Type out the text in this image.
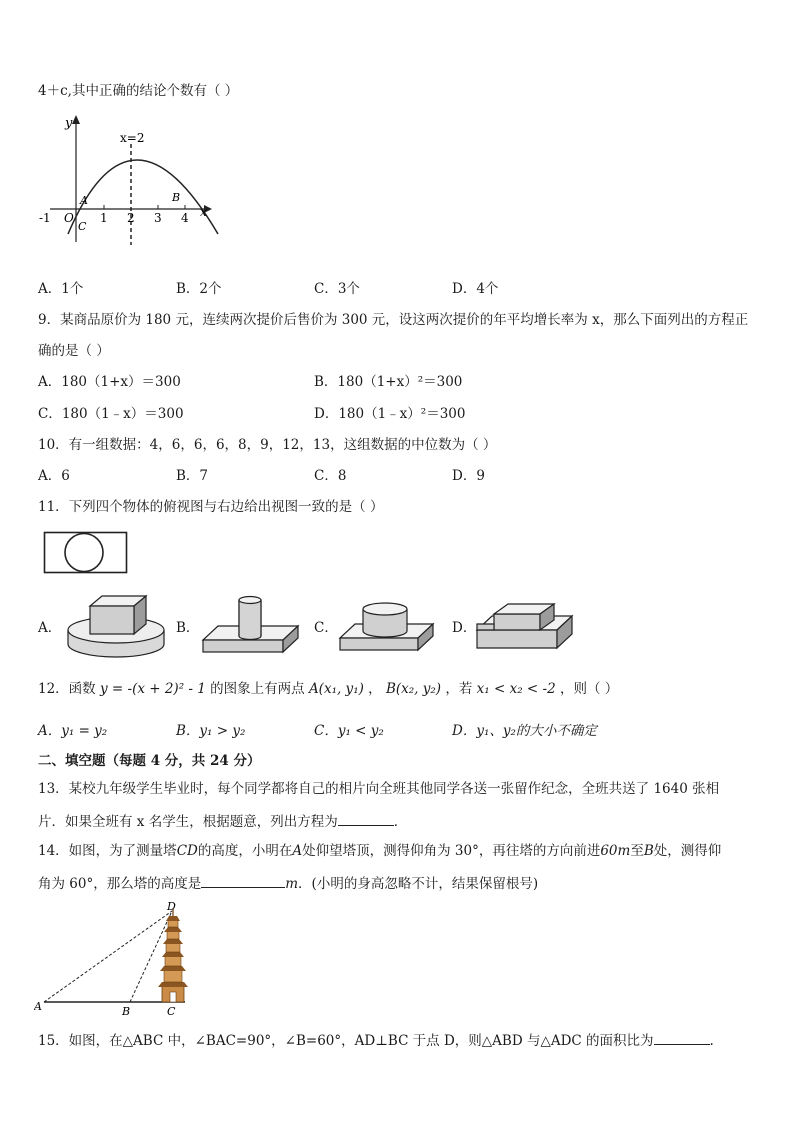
4＋c,其中正确的结论个数有（ ）
y
x
x=2
A	B
C
O
-1	1 2 3 4
A．1个	B．2个	C．3个	D．4个
9．某商品原价为 180 元，连续两次提价后售价为 300 元，设这两次提价的年平均增长率为 x，那么下面列出的方程正
确的是（ ）
A．180（1+x）＝300	B．180（1+x）²＝300
C．180（1﹣x）＝300	D．180（1﹣x）²＝300
10．有一组数据：4，6，6，6，8，9，12，13，这组数据的中位数为（ ）
A．6	B．7	C．8	D．9
11．下列四个物体的俯视图与右边给出视图一致的是（ ）
A．	B．	C．	D．
12．函数 y = -(x + 2)² - 1 的图象上有两点 A(x₁, y₁) ， B(x₂, y₂) ，若 x₁ < x₂ < -2 ，则（ ）
A．y₁ = y₂	B．y₁ > y₂	C．y₁ < y₂	D．y₁、y₂的大小不确定
二、填空题（每题 4 分，共 24 分）
13．某校九年级学生毕业时，每个同学都将自己的相片向全班其他同学各送一张留作纪念，全班共送了 1640 张相
片．如果全班有 x 名学生，根据题意，列出方程为	．
14．如图，为了测量塔CD的高度，小明在A处仰望塔顶，测得仰角为 30°，再往塔的方向前进60m至B处，测得仰
角为 60°，那么塔的高度是	m．(小明的身高忽略不计，结果保留根号)
A	B	C
D
15．如图，在△ABC 中，∠BAC=90°，∠B=60°，AD⊥BC 于点 D，则△ABD 与△ADC 的面积比为	.
